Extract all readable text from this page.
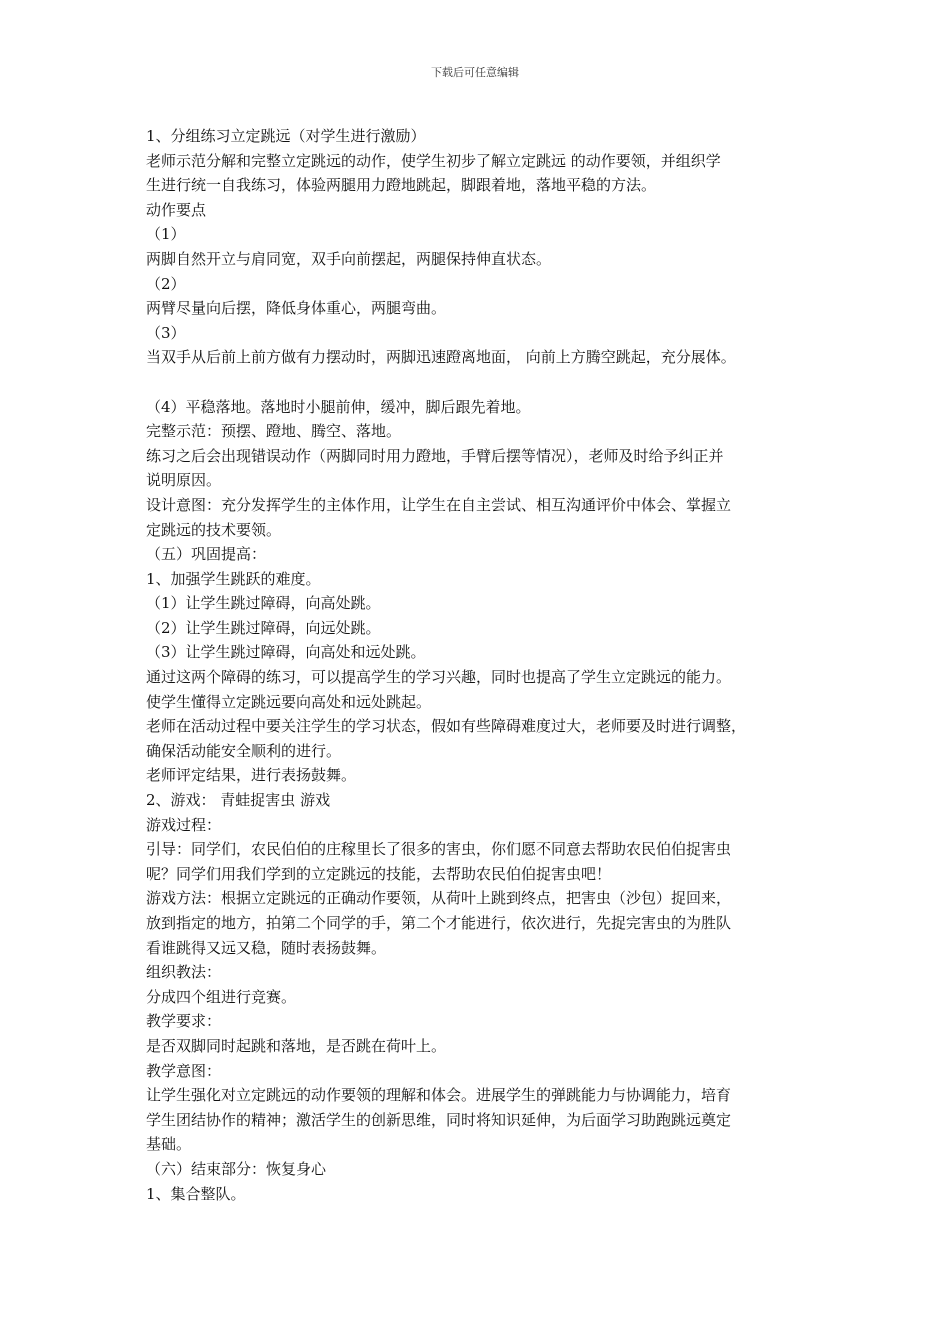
下载后可任意编辑
1、分组练习立定跳远（对学生进行激励）
老师示范分解和完整立定跳远的动作，使学生初步了解立定跳远 的动作要领，并组织学
生进行统一自我练习，体验两腿用力蹬地跳起，脚跟着地，落地平稳的方法。
动作要点
（1）
两脚自然开立与肩同宽，双手向前摆起，两腿保持伸直状态。
（2）
两臂尽量向后摆，降低身体重心，两腿弯曲。
（3）
当双手从后前上前方做有力摆动时，两脚迅速蹬离地面， 向前上方腾空跳起，充分展体。
（4）平稳落地。落地时小腿前伸，缓冲，脚后跟先着地。
完整示范：预摆、蹬地、腾空、落地。
练习之后会出现错误动作（两脚同时用力蹬地，手臂后摆等情况），老师及时给予纠正并
说明原因。
设计意图：充分发挥学生的主体作用，让学生在自主尝试、相互沟通评价中体会、掌握立
定跳远的技术要领。
（五）巩固提高：
1、加强学生跳跃的难度。
（1）让学生跳过障碍，向高处跳。
（2）让学生跳过障碍，向远处跳。
（3）让学生跳过障碍，向高处和远处跳。
通过这两个障碍的练习，可以提高学生的学习兴趣，同时也提高了学生立定跳远的能力。
使学生懂得立定跳远要向高处和远处跳起。
老师在活动过程中要关注学生的学习状态，假如有些障碍难度过大，老师要及时进行调整，
确保活动能安全顺利的进行。
老师评定结果，进行表扬鼓舞。
2、游戏： 青蛙捉害虫 游戏
游戏过程：
引导：同学们，农民伯伯的庄稼里长了很多的害虫，你们愿不同意去帮助农民伯伯捉害虫
呢？同学们用我们学到的立定跳远的技能，去帮助农民伯伯捉害虫吧！
游戏方法：根据立定跳远的正确动作要领，从荷叶上跳到终点，把害虫（沙包）捉回来，
放到指定的地方，拍第二个同学的手，第二个才能进行，依次进行，先捉完害虫的为胜队
看谁跳得又远又稳，随时表扬鼓舞。
组织教法：
分成四个组进行竞赛。
教学要求：
是否双脚同时起跳和落地，是否跳在荷叶上。
教学意图：
让学生强化对立定跳远的动作要领的理解和体会。进展学生的弹跳能力与协调能力，培育
学生团结协作的精神；激活学生的创新思维，同时将知识延伸，为后面学习助跑跳远奠定
基础。
（六）结束部分：恢复身心
1、集合整队。
